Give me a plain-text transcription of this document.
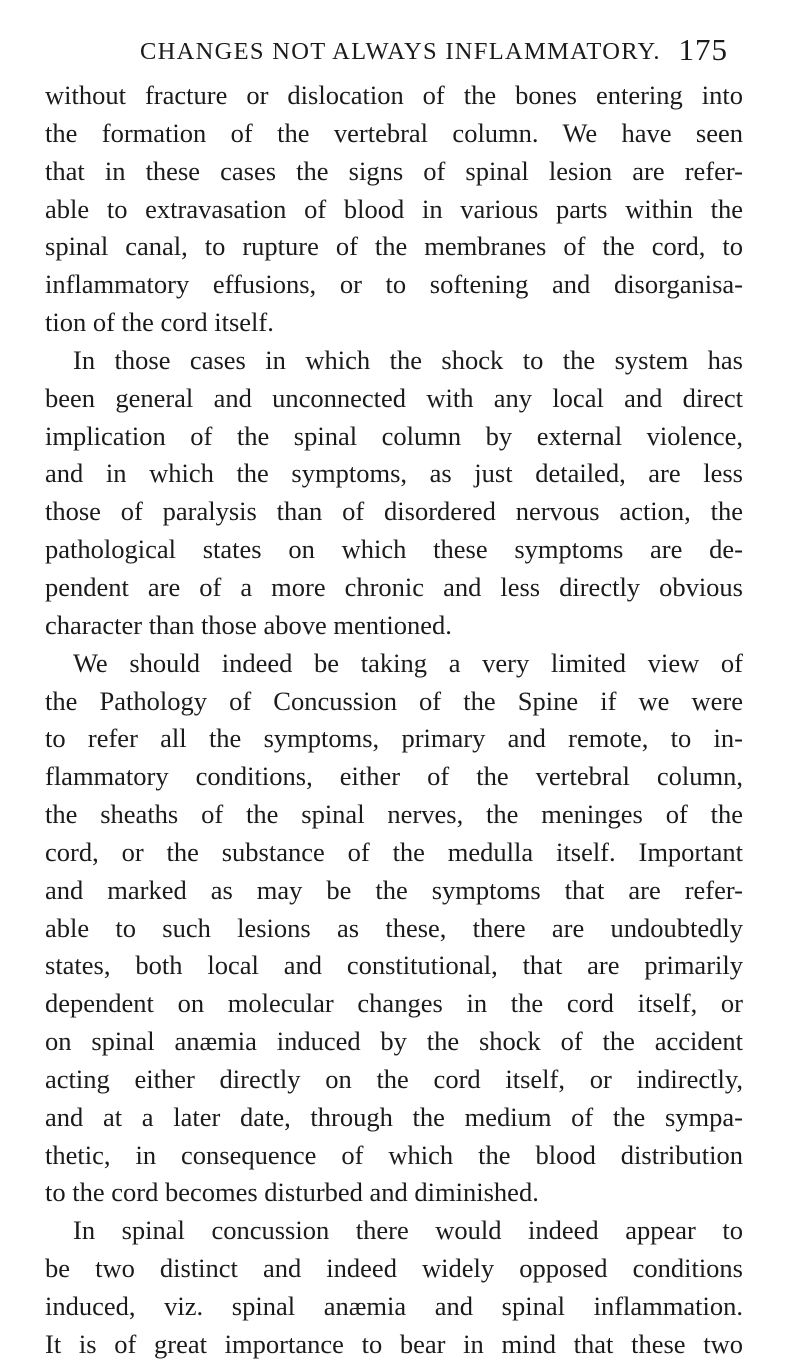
CHANGES NOT ALWAYS INFLAMMATORY. 175
without fracture or dislocation of the bones entering into
the formation of the vertebral column. We have seen
that in these cases the signs of spinal lesion are refer-
able to extravasation of blood in various parts within the
spinal canal, to rupture of the membranes of the cord, to
inflammatory effusions, or to softening and disorganisa-
tion of the cord itself.
In those cases in which the shock to the system has
been general and unconnected with any local and direct
implication of the spinal column by external violence,
and in which the symptoms, as just detailed, are less
those of paralysis than of disordered nervous action, the
pathological states on which these symptoms are de-
pendent are of a more chronic and less directly obvious
character than those above mentioned.
We should indeed be taking a very limited view of
the Pathology of Concussion of the Spine if we were
to refer all the symptoms, primary and remote, to in-
flammatory conditions, either of the vertebral column,
the sheaths of the spinal nerves, the meninges of the
cord, or the substance of the medulla itself. Important
and marked as may be the symptoms that are refer-
able to such lesions as these, there are undoubtedly
states, both local and constitutional, that are primarily
dependent on molecular changes in the cord itself, or
on spinal anæmia induced by the shock of the accident
acting either directly on the cord itself, or indirectly,
and at a later date, through the medium of the sympa-
thetic, in consequence of which the blood distribution
to the cord becomes disturbed and diminished.
In spinal concussion there would indeed appear to
be two distinct and indeed widely opposed conditions
induced, viz. spinal anæmia and spinal inflammation.
It is of great importance to bear in mind that these two
